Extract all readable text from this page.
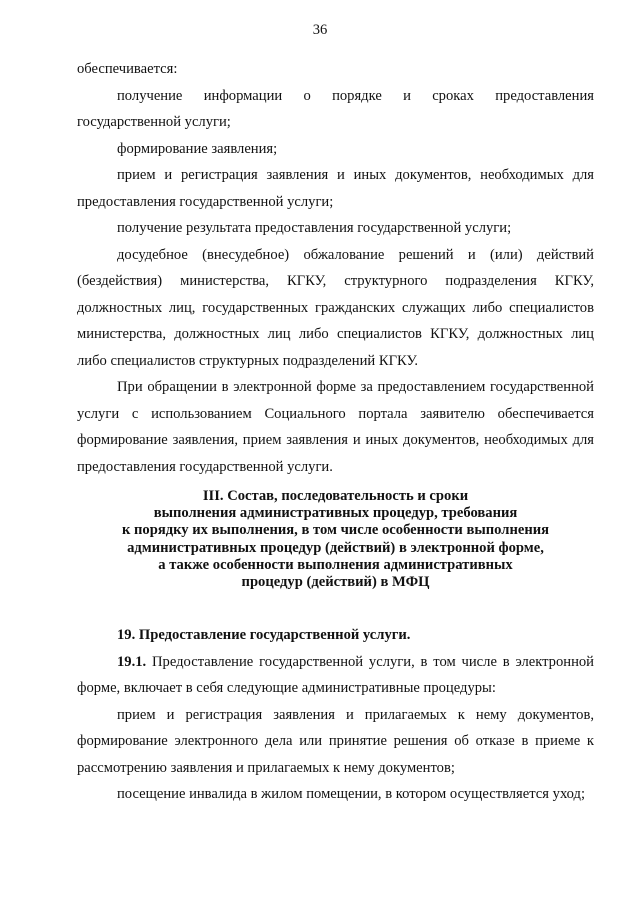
36

обеспечивается:

получение информации о порядке и сроках предоставления государственной услуги;

формирование заявления;

прием и регистрация заявления и иных документов, необходимых для предоставления государственной услуги;

получение результата предоставления государственной услуги;

досудебное (внесудебное) обжалование решений и (или) действий (бездействия) министерства, КГКУ, структурного подразделения КГКУ, должностных лиц, государственных гражданских служащих либо специалистов министерства, должностных лиц либо специалистов КГКУ, должностных лиц либо специалистов структурных подразделений КГКУ.

При обращении в электронной форме за предоставлением государственной услуги с использованием Социального портала заявителю обеспечивается формирование заявления, прием заявления и иных документов, необходимых для предоставления государственной услуги.

III. Состав, последовательность и сроки
выполнения административных процедур, требования
к порядку их выполнения, в том числе особенности выполнения
административных процедур (действий) в электронной форме,
а также особенности выполнения административных
процедур (действий) в МФЦ

19. Предоставление государственной услуги.

19.1. Предоставление государственной услуги, в том числе в электронной форме, включает в себя следующие административные процедуры:

прием и регистрация заявления и прилагаемых к нему документов, формирование электронного дела или принятие решения об отказе в приеме к рассмотрению заявления и прилагаемых к нему документов;

посещение инвалида в жилом помещении, в котором осуществляется уход;
